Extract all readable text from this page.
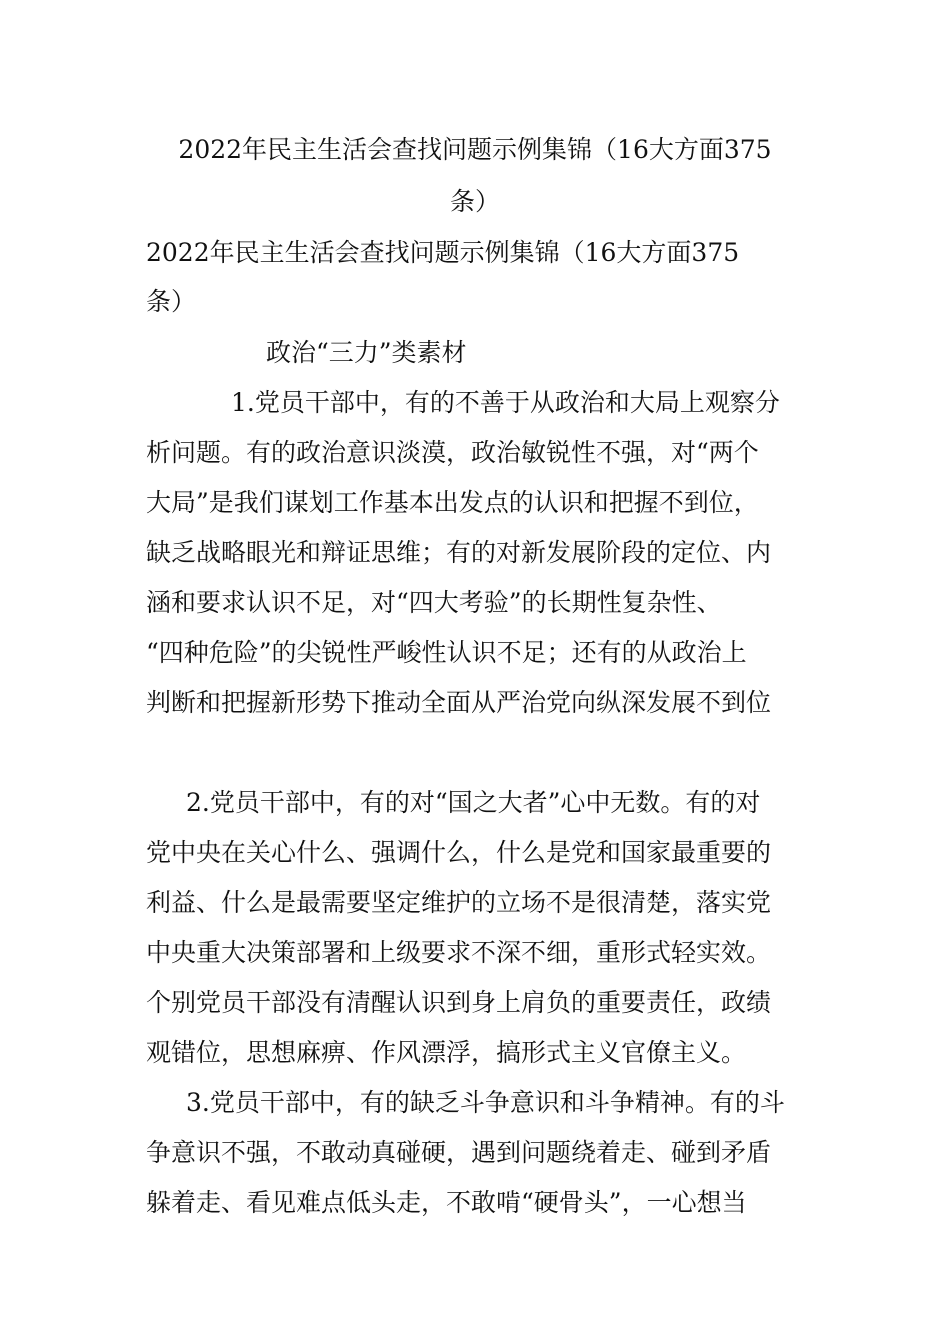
2022年民主生活会查找问题示例集锦（16大方面375
条）
2022年民主生活会查找问题示例集锦（16大方面375
条）
政治“三力”类素材
1.党员干部中，有的不善于从政治和大局上观察分
析问题。有的政治意识淡漠，政治敏锐性不强，对“两个
大局”是我们谋划工作基本出发点的认识和把握不到位，
缺乏战略眼光和辩证思维；有的对新发展阶段的定位、内
涵和要求认识不足，对“四大考验”的长期性复杂性、
“四种危险”的尖锐性严峻性认识不足；还有的从政治上
判断和把握新形势下推动全面从严治党向纵深发展不到位
2.党员干部中，有的对“国之大者”心中无数。有的对
党中央在关心什么、强调什么，什么是党和国家最重要的
利益、什么是最需要坚定维护的立场不是很清楚，落实党
中央重大决策部署和上级要求不深不细，重形式轻实效。
个别党员干部没有清醒认识到身上肩负的重要责任，政绩
观错位，思想麻痹、作风漂浮，搞形式主义官僚主义。
3.党员干部中，有的缺乏斗争意识和斗争精神。有的斗
争意识不强，不敢动真碰硬，遇到问题绕着走、碰到矛盾
躲着走、看见难点低头走，不敢啃“硬骨头”，一心想当
